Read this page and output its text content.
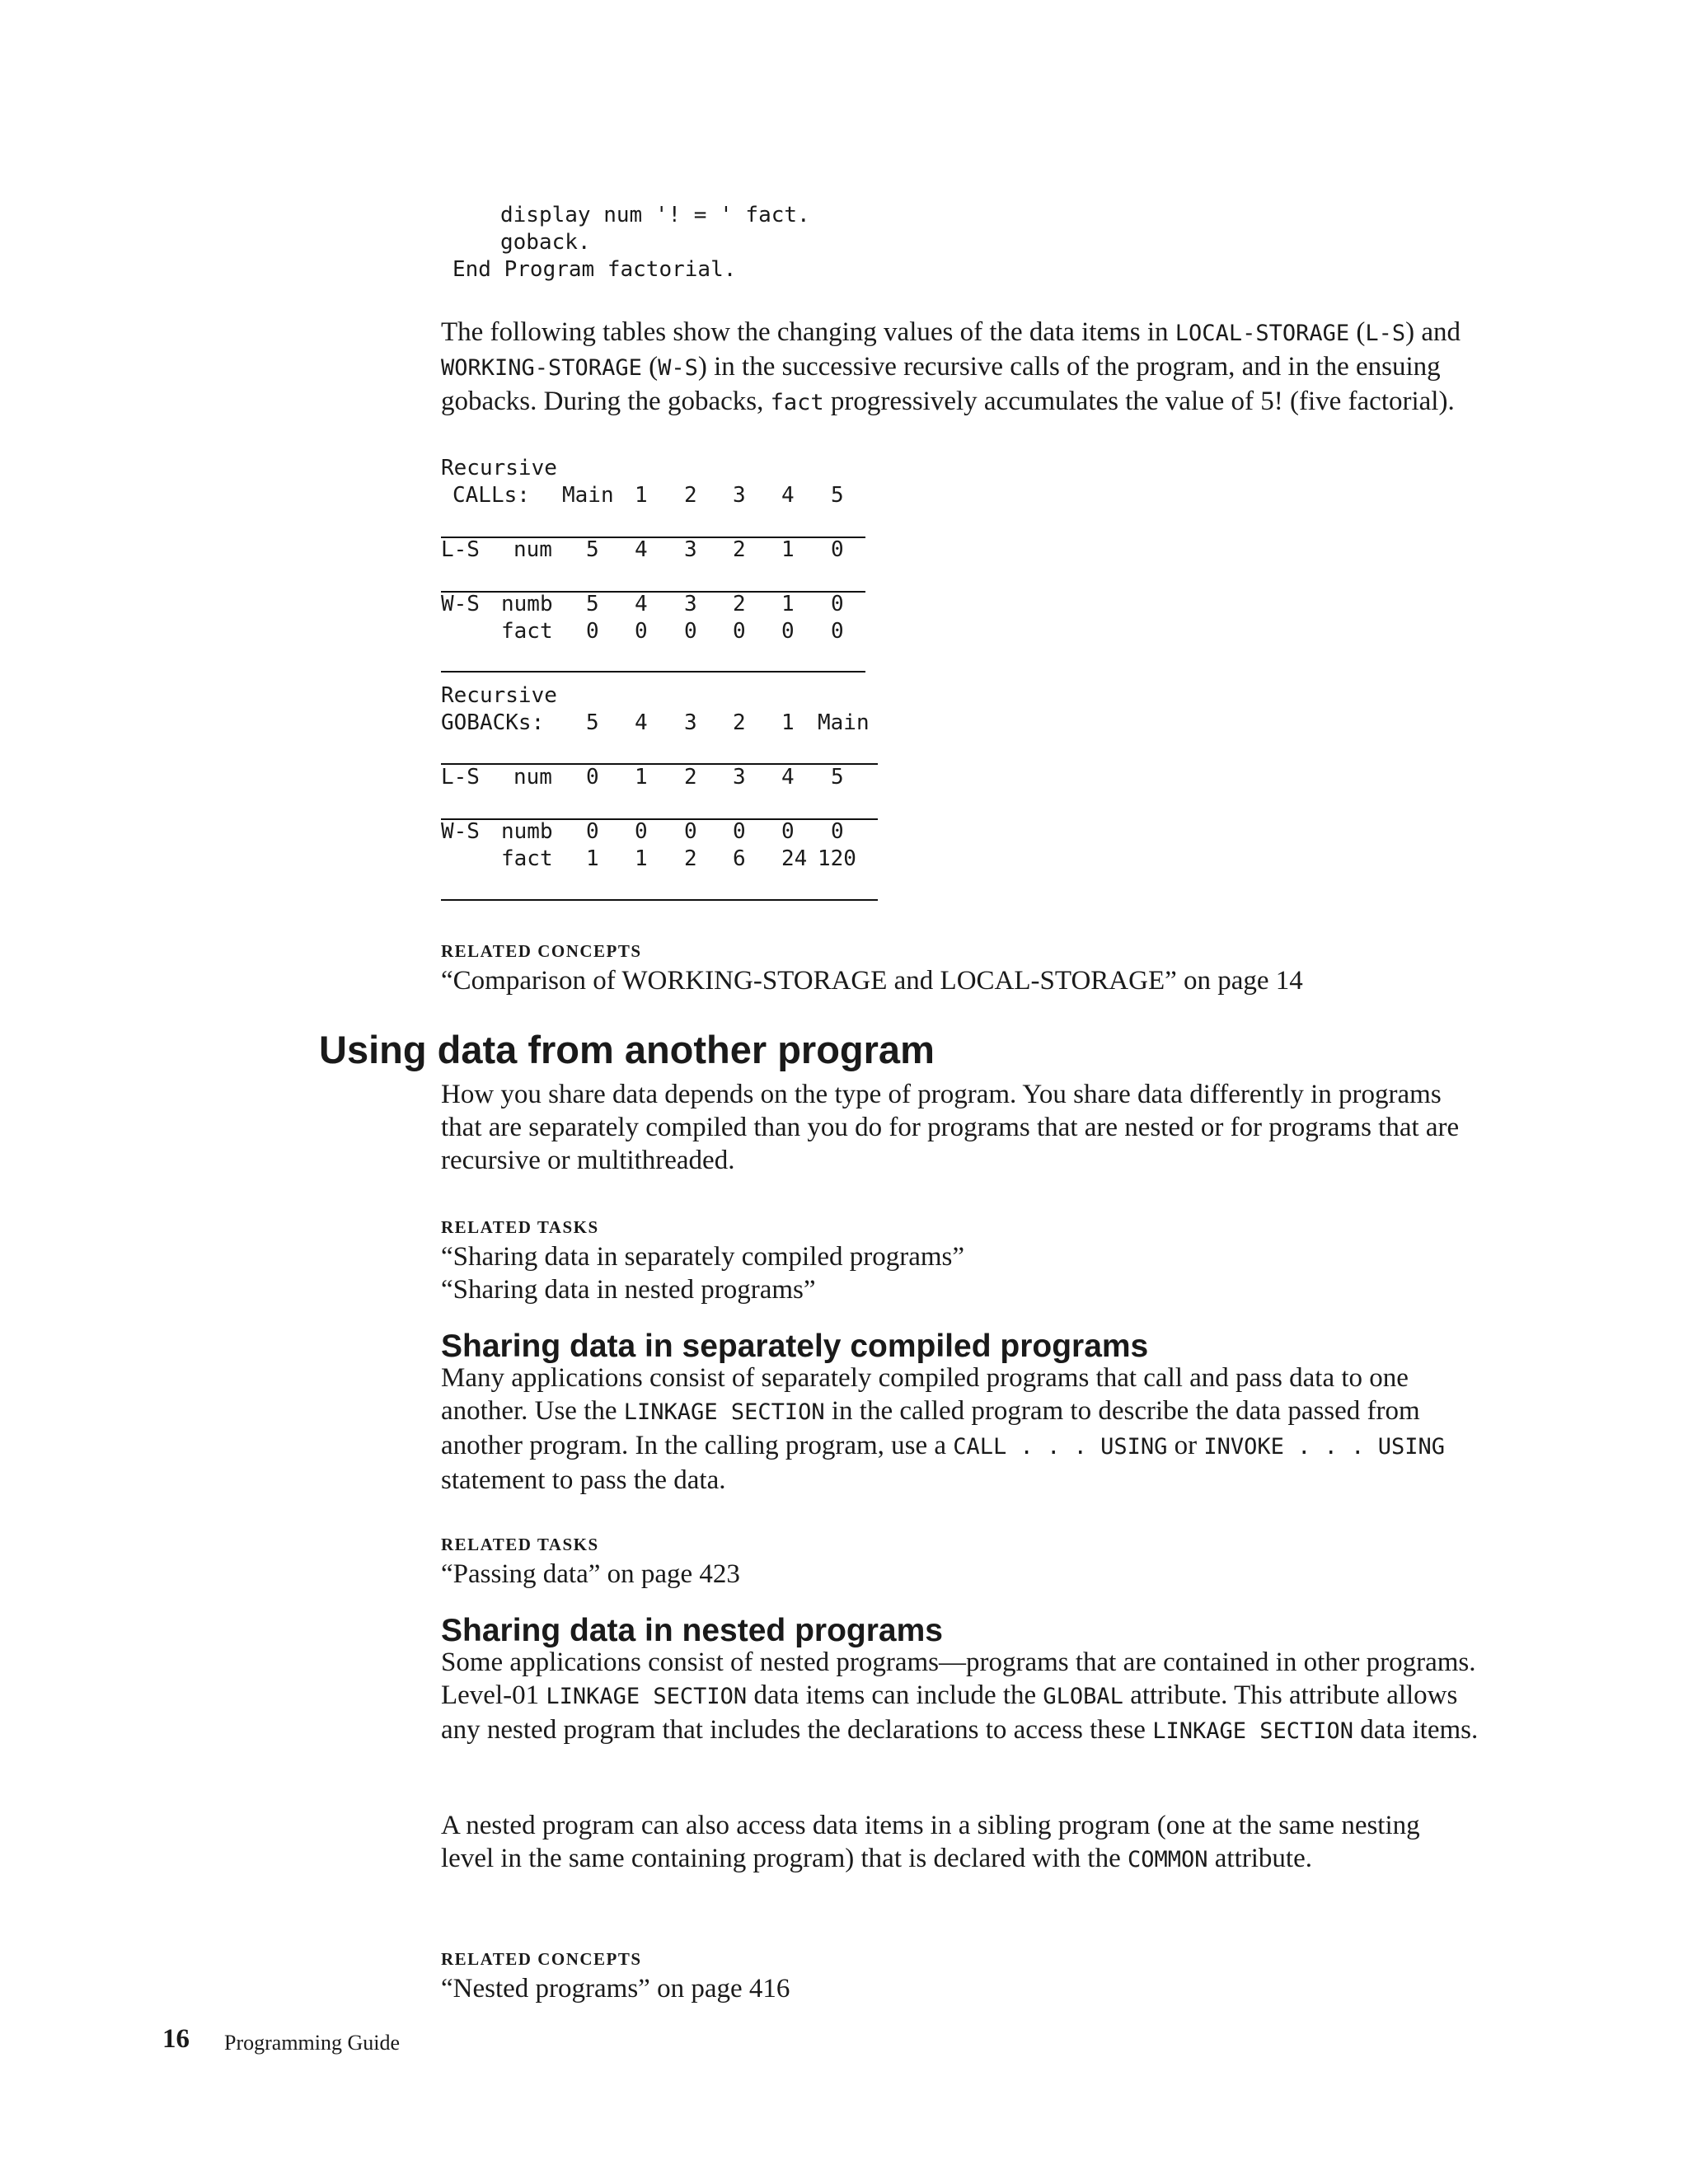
display num '! = ' fact.
goback.
End Program factorial.

The following tables show the changing values of the data items in LOCAL-STORAGE (L-S) and WORKING-STORAGE (W-S) in the successive recursive calls of the program, and in the ensuing gobacks. During the gobacks, fact progressively accumulates the value of 5! (five factorial).

Recursive
CALLs: Main 1 2 3 4 5
L-S num 5 4 3 2 1 0
W-S numb 5 4 3 2 1 0
fact 0 0 0 0 0 0
Recursive
GOBACKs: 5 4 3 2 1 Main
L-S num 0 1 2 3 4 5
W-S numb 0 0 0 0 0 0
fact 1 1 2 6 24 120
RELATED CONCEPTS
“Comparison of WORKING-STORAGE and LOCAL-STORAGE” on page 14
Using data from another program

How you share data depends on the type of program. You share data differently in programs that are separately compiled than you do for programs that are nested or for programs that are recursive or multithreaded.

RELATED TASKS
“Sharing data in separately compiled programs”
“Sharing data in nested programs”
Sharing data in separately compiled programs

Many applications consist of separately compiled programs that call and pass data to one another. Use the LINKAGE SECTION in the called program to describe the data passed from another program. In the calling program, use a CALL . . . USING or INVOKE . . . USING statement to pass the data.

RELATED TASKS
“Passing data” on page 423
Sharing data in nested programs

Some applications consist of nested programs—programs that are contained in other programs. Level-01 LINKAGE SECTION data items can include the GLOBAL attribute. This attribute allows any nested program that includes the declarations to access these LINKAGE SECTION data items.

A nested program can also access data items in a sibling program (one at the same nesting level in the same containing program) that is declared with the COMMON attribute.

RELATED CONCEPTS
“Nested programs” on page 416
16 Programming Guide
